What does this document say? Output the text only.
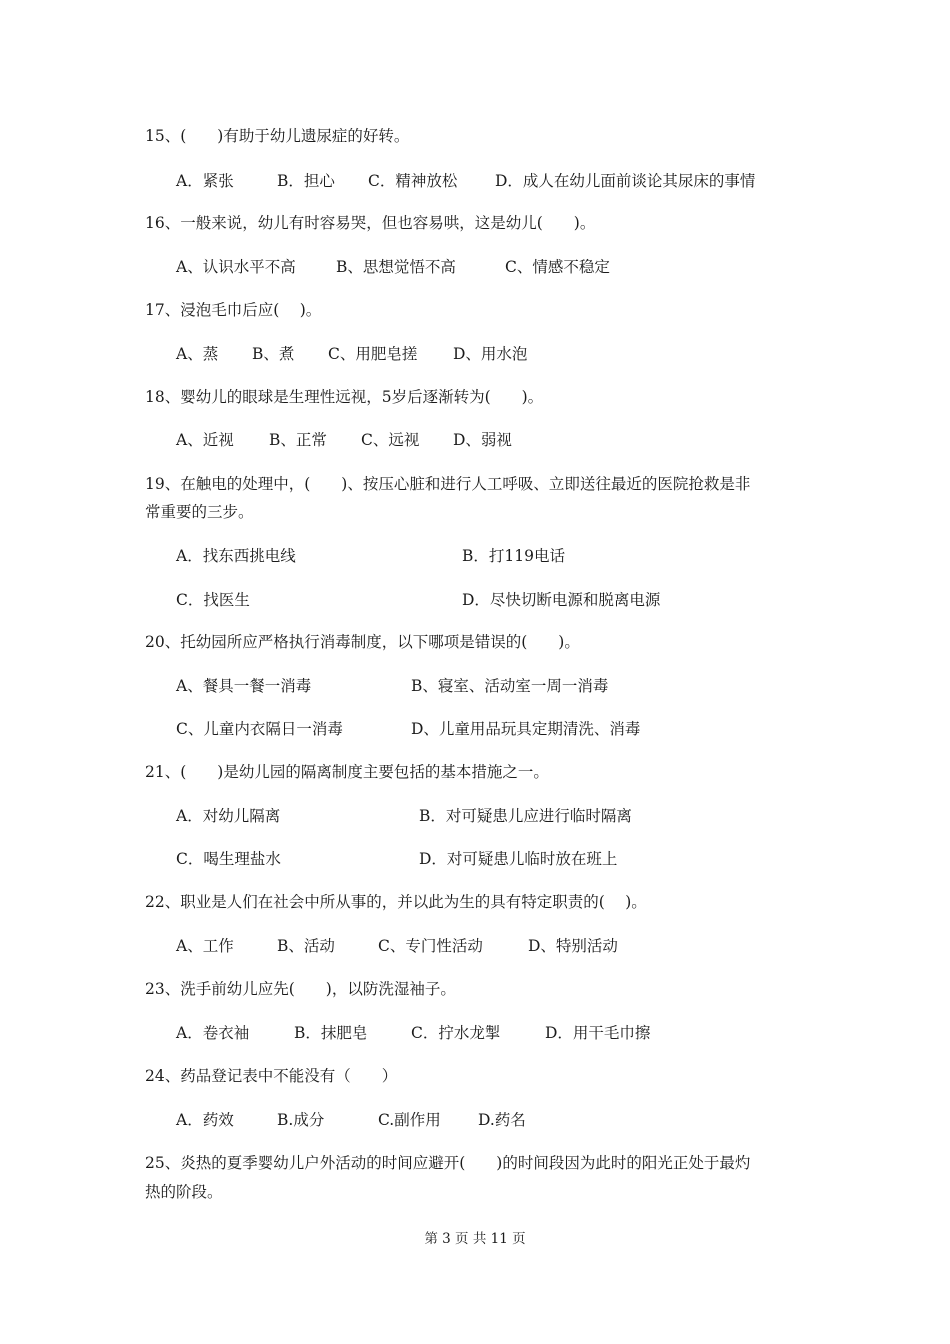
15、(　　)有助于幼儿遗尿症的好转。
A．紧张	B．担心 C．精神放松 D．成人在幼儿面前谈论其尿床的事情
16、一般来说，幼儿有时容易哭，但也容易哄，这是幼儿(　　)。
A、认识水平不高	B、思想觉悟不高	C、情感不稳定
17、浸泡毛巾后应(　 )。
A、蒸 B、煮 C、用肥皂搓 D、用水泡
18、婴幼儿的眼球是生理性远视，5岁后逐渐转为(　　)。
A、近视 B、正常 C、远视 D、弱视
19、在触电的处理中，(　　)、按压心脏和进行人工呼吸、立即送往最近的医院抢救是非
常重要的三步。
A．找东西挑电线	B．打119电话
C．找医生	D．尽快切断电源和脱离电源
20、托幼园所应严格执行消毒制度，以下哪项是错误的(　　)。
A、餐具一餐一消毒	B、寝室、活动室一周一消毒
C、儿童内衣隔日一消毒	D、儿童用品玩具定期清洗、消毒
21、(　　)是幼儿园的隔离制度主要包括的基本措施之一。
A．对幼儿隔离	B．对可疑患儿应进行临时隔离
C．喝生理盐水	D．对可疑患儿临时放在班上
22、职业是人们在社会中所从事的，并以此为生的具有特定职责的(　 )。
A、工作	B、活动	C、专门性活动	D、特别活动
23、洗手前幼儿应先(　　)，以防洗湿袖子。
A．卷衣袖	B．抹肥皂	C．拧水龙掣	D．用干毛巾擦
24、药品登记表中不能没有（　　）
A．药效	B.成分	C.副作用 D.药名
25、炎热的夏季婴幼儿户外活动的时间应避开(　　)的时间段因为此时的阳光正处于最灼
热的阶段。
第 3 页 共 11 页
